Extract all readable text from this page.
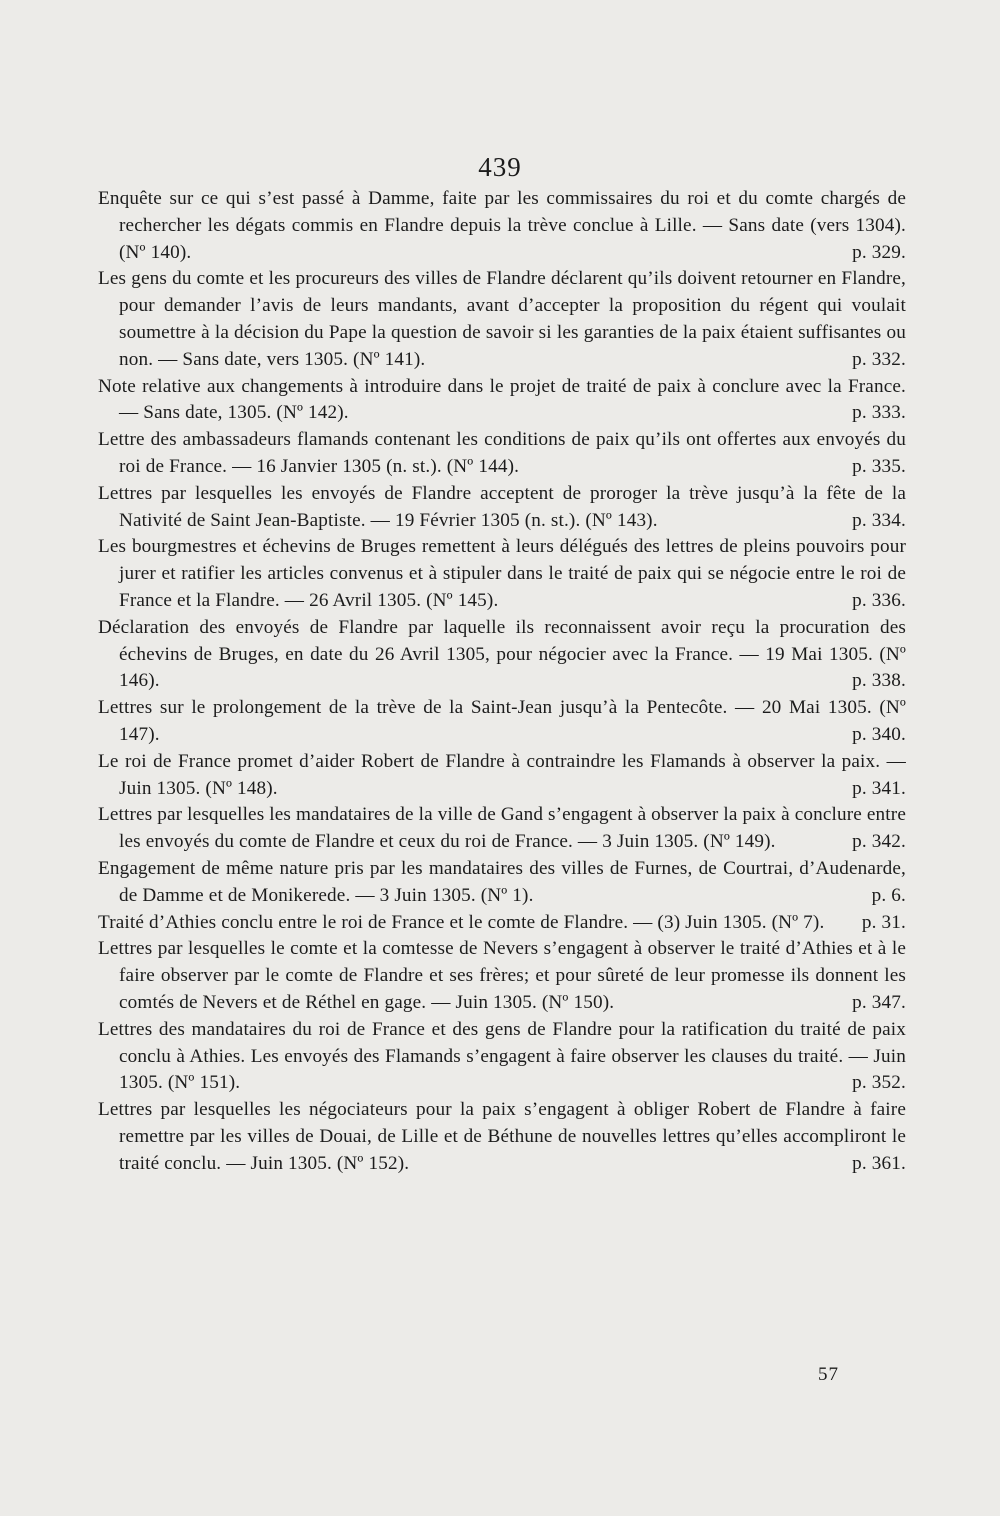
439
Enquête sur ce qui s’est passé à Damme, faite par les commissaires du roi et du comte chargés de rechercher les dégats commis en Flandre depuis la trève conclue à Lille. — Sans date (vers 1304). (Nº 140).	p. 329.
Les gens du comte et les procureurs des villes de Flandre déclarent qu’ils doivent retourner en Flandre, pour demander l’avis de leurs mandants, avant d’accepter la proposition du régent qui voulait soumettre à la décision du Pape la question de savoir si les garanties de la paix étaient suffisantes ou non. — Sans date, vers 1305. (Nº 141).	p. 332.
Note relative aux changements à introduire dans le projet de traité de paix à conclure avec la France. — Sans date, 1305. (Nº 142).	p. 333.
Lettre des ambassadeurs flamands contenant les conditions de paix qu’ils ont offertes aux envoyés du roi de France. — 16 Janvier 1305 (n. st.). (Nº 144).	p. 335.
Lettres par lesquelles les envoyés de Flandre acceptent de proroger la trève jusqu’à la fête de la Nativité de Saint Jean-Baptiste. — 19 Février 1305 (n. st.). (Nº 143).	p. 334.
Les bourgmestres et échevins de Bruges remettent à leurs délégués des lettres de pleins pouvoirs pour jurer et ratifier les articles convenus et à stipuler dans le traité de paix qui se négocie entre le roi de France et la Flandre. — 26 Avril 1305. (Nº 145).	p. 336.
Déclaration des envoyés de Flandre par laquelle ils reconnaissent avoir reçu la procuration des échevins de Bruges, en date du 26 Avril 1305, pour négocier avec la France. — 19 Mai 1305. (Nº 146).	p. 338.
Lettres sur le prolongement de la trève de la Saint-Jean jusqu’à la Pentecôte. — 20 Mai 1305. (Nº 147).	p. 340.
Le roi de France promet d’aider Robert de Flandre à contraindre les Flamands à observer la paix. — Juin 1305. (Nº 148).	p. 341.
Lettres par lesquelles les mandataires de la ville de Gand s’engagent à observer la paix à conclure entre les envoyés du comte de Flandre et ceux du roi de France. — 3 Juin 1305. (Nº 149).	p. 342.
Engagement de même nature pris par les mandataires des villes de Furnes, de Courtrai, d’Audenarde, de Damme et de Monikerede. — 3 Juin 1305. (Nº 1).	p. 6.
Traité d’Athies conclu entre le roi de France et le comte de Flandre. — (3) Juin 1305. (Nº 7).	p. 31.
Lettres par lesquelles le comte et la comtesse de Nevers s’engagent à observer le traité d’Athies et à le faire observer par le comte de Flandre et ses frères; et pour sûreté de leur promesse ils donnent les comtés de Nevers et de Réthel en gage. — Juin 1305. (Nº 150).	p. 347.
Lettres des mandataires du roi de France et des gens de Flandre pour la ratification du traité de paix conclu à Athies. Les envoyés des Flamands s’engagent à faire observer les clauses du traité. — Juin 1305. (Nº 151).	p. 352.
Lettres par lesquelles les négociateurs pour la paix s’engagent à obliger Robert de Flandre à faire remettre par les villes de Douai, de Lille et de Béthune de nouvelles lettres qu’elles accompliront le traité conclu. — Juin 1305. (Nº 152).	p. 361.
57
